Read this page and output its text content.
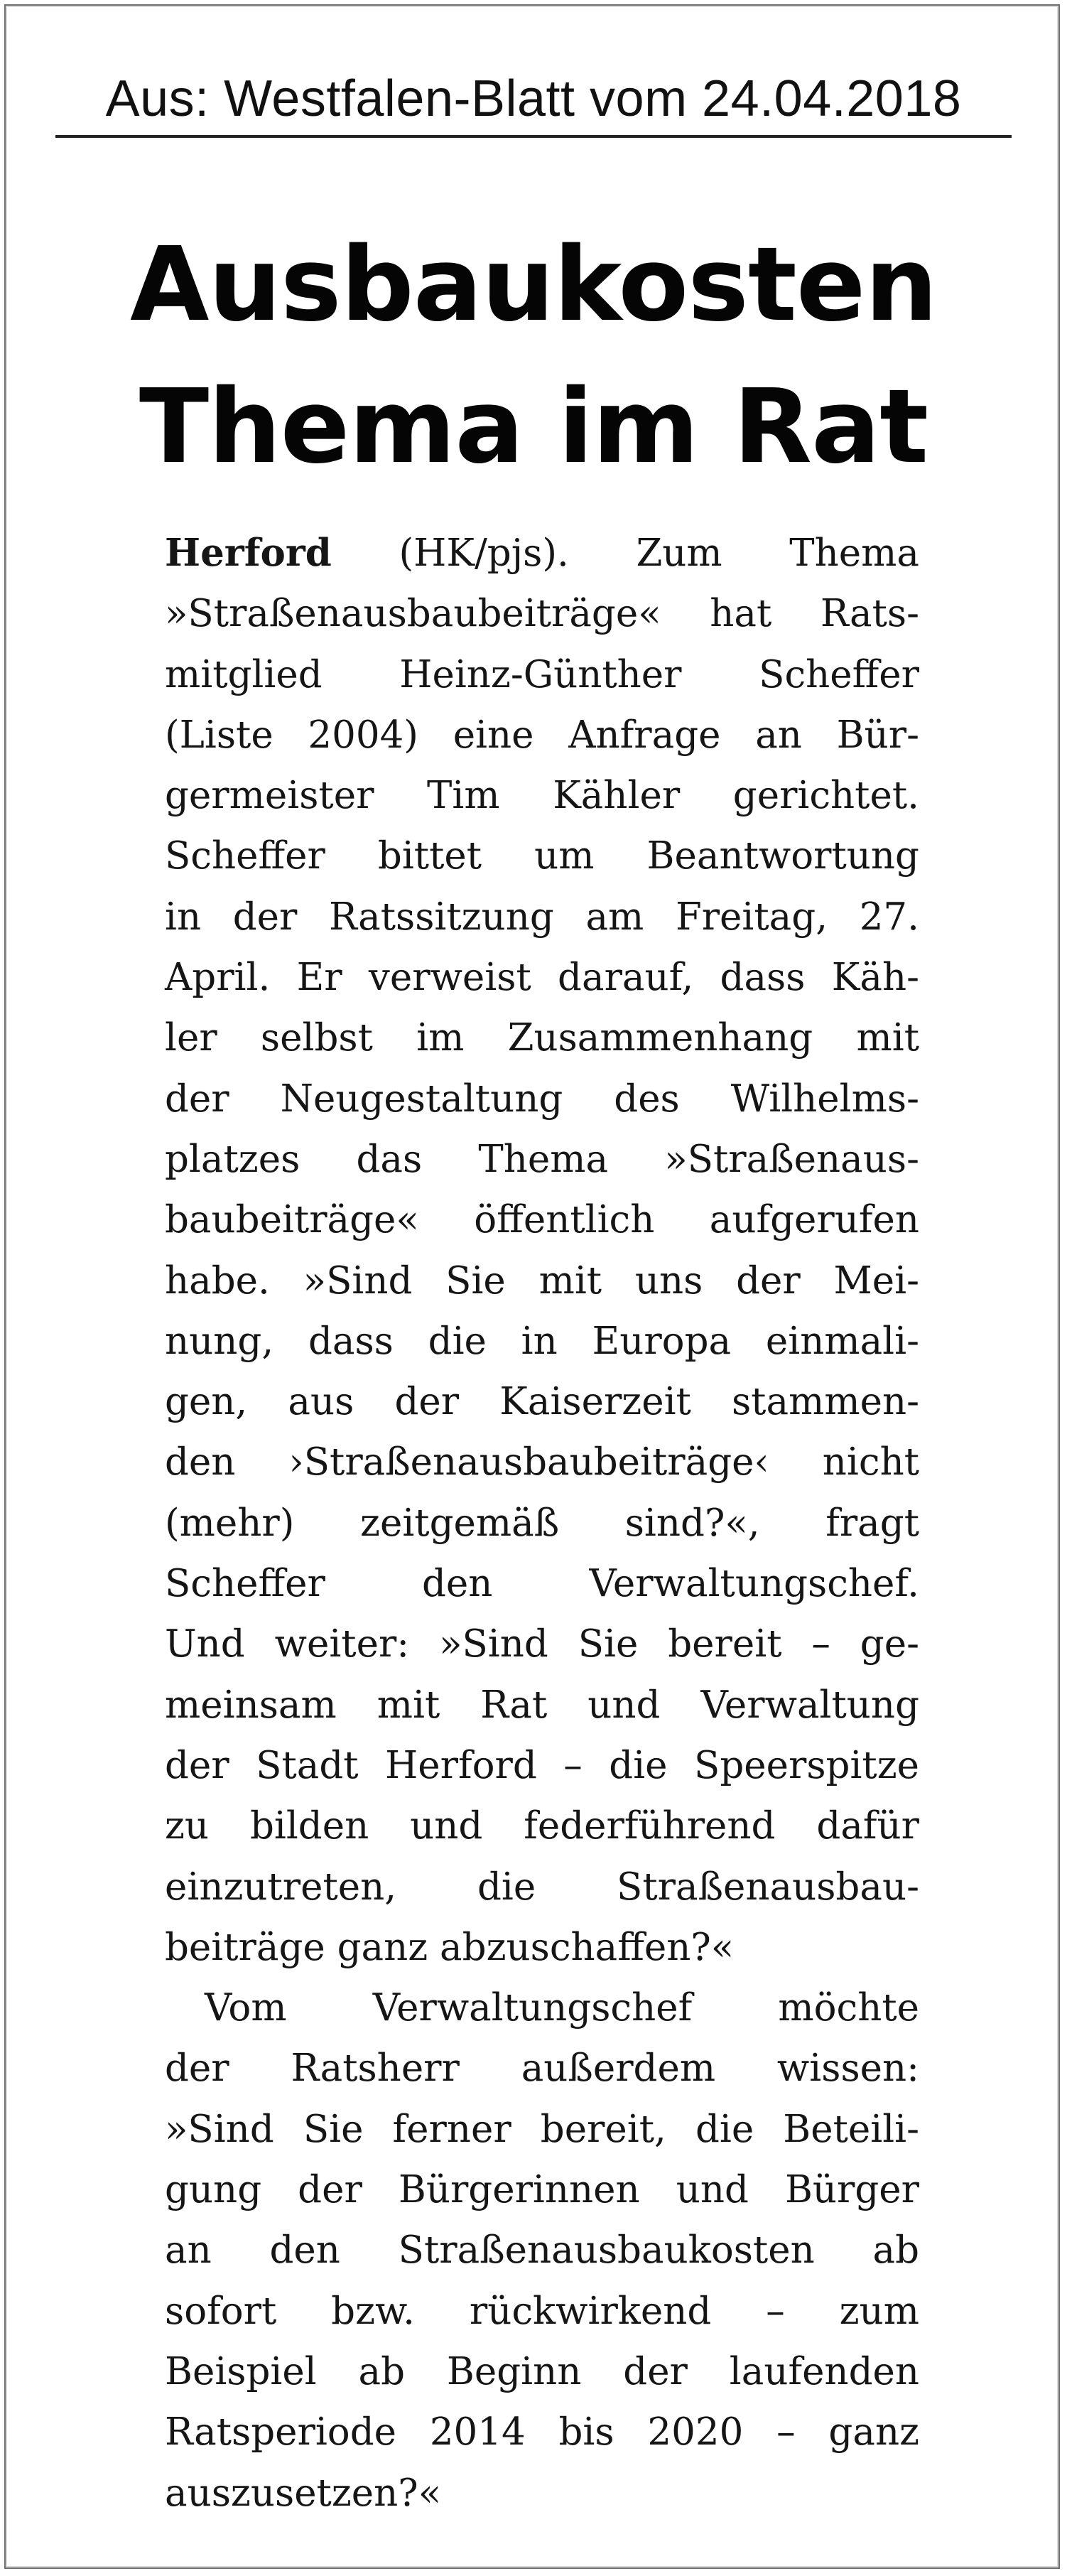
Aus: Westfalen-Blatt vom 24.04.2018
Ausbaukosten
Thema im Rat
Herford (HK/pjs). Zum Thema
»Straßenausbaubeiträge« hat Rats-
mitglied Heinz-Günther Scheffer
(Liste 2004) eine Anfrage an Bür-
germeister Tim Kähler gerichtet.
Scheffer bittet um Beantwortung
in der Ratssitzung am Freitag, 27.
April. Er verweist darauf, dass Käh-
ler selbst im Zusammenhang mit
der Neugestaltung des Wilhelms-
platzes das Thema »Straßenaus-
baubeiträge« öffentlich aufgerufen
habe. »Sind Sie mit uns der Mei-
nung, dass die in Europa einmali-
gen, aus der Kaiserzeit stammen-
den ›Straßenausbaubeiträge‹ nicht
(mehr) zeitgemäß sind?«, fragt
Scheffer den Verwaltungschef.
Und weiter: »Sind Sie bereit – ge-
meinsam mit Rat und Verwaltung
der Stadt Herford – die Speerspitze
zu bilden und federführend dafür
einzutreten, die Straßenausbau-
beiträge ganz abzuschaffen?«
Vom Verwaltungschef möchte
der Ratsherr außerdem wissen:
»Sind Sie ferner bereit, die Beteili-
gung der Bürgerinnen und Bürger
an den Straßenausbaukosten ab
sofort bzw. rückwirkend – zum
Beispiel ab Beginn der laufenden
Ratsperiode 2014 bis 2020 – ganz
auszusetzen?«
